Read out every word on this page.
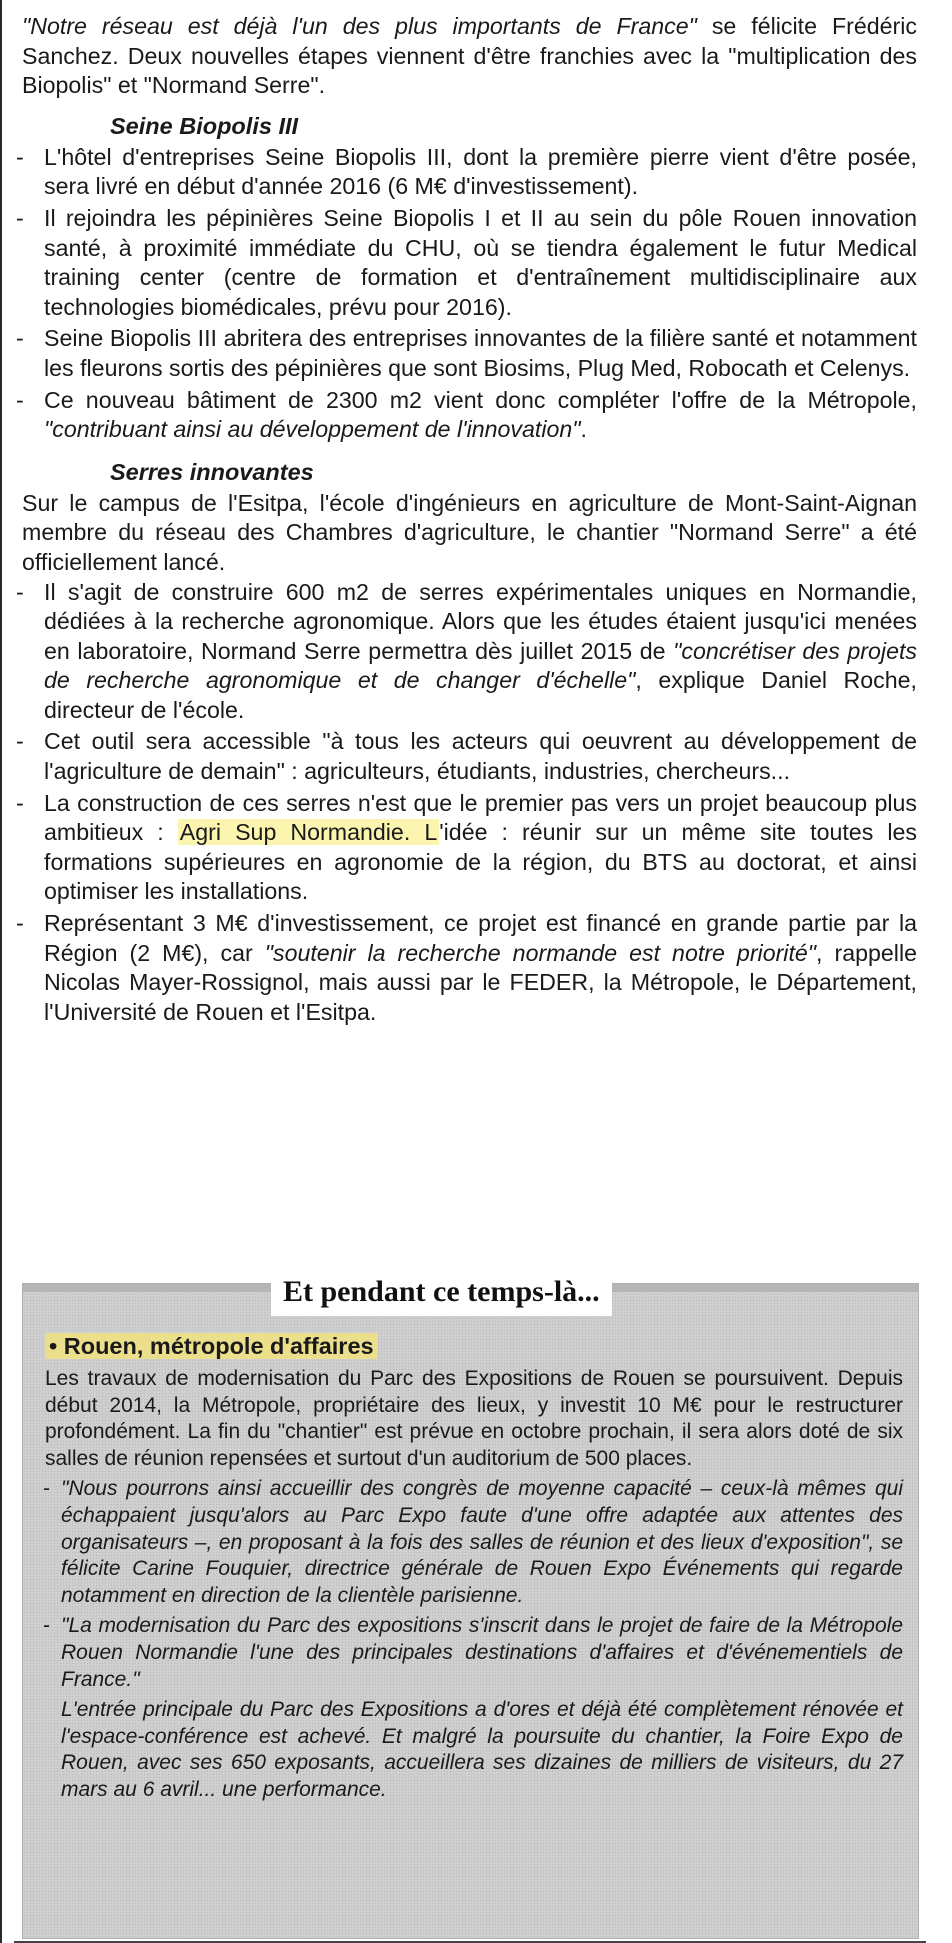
"Notre réseau est déjà l'un des plus importants de France" se félicite Frédéric Sanchez. Deux nouvelles étapes viennent d'être franchies avec la "multiplication des Biopolis" et "Normand Serre".

Seine Biopolis III

- L'hôtel d'entreprises Seine Biopolis III, dont la première pierre vient d'être posée, sera livré en début d'année 2016 (6 M€ d'investissement).

- Il rejoindra les pépinières Seine Biopolis I et II au sein du pôle Rouen innovation santé, à proximité immédiate du CHU, où se tiendra également le futur Medical training center (centre de formation et d'entraînement multidisciplinaire aux technologies biomédicales, prévu pour 2016).

- Seine Biopolis III abritera des entreprises innovantes de la filière santé et notamment les fleurons sortis des pépinières que sont Biosims, Plug Med, Robocath et Celenys.

- Ce nouveau bâtiment de 2300 m2 vient donc compléter l'offre de la Métropole, "contribuant ainsi au développement de l'innovation".

Serres innovantes

Sur le campus de l'Esitpa, l'école d'ingénieurs en agriculture de Mont-Saint-Aignan membre du réseau des Chambres d'agriculture, le chantier "Normand Serre" a été officiellement lancé.

- Il s'agit de construire 600 m2 de serres expérimentales uniques en Normandie, dédiées à la recherche agronomique. Alors que les études étaient jusqu'ici menées en laboratoire, Normand Serre permettra dès juillet 2015 de "concrétiser des projets de recherche agronomique et de changer d'échelle", explique Daniel Roche, directeur de l'école.

- Cet outil sera accessible "à tous les acteurs qui oeuvrent au développement de l'agriculture de demain" : agriculteurs, étudiants, industries, chercheurs...

- La construction de ces serres n'est que le premier pas vers un projet beaucoup plus ambitieux : Agri Sup Normandie. L'idée : réunir sur un même site toutes les formations supérieures en agronomie de la région, du BTS au doctorat, et ainsi optimiser les installations.

- Représentant 3 M€ d'investissement, ce projet est financé en grande partie par la Région (2 M€), car "soutenir la recherche normande est notre priorité", rappelle Nicolas Mayer-Rossignol, mais aussi par le FEDER, la Métropole, le Département, l'Université de Rouen et l'Esitpa.

Et pendant ce temps-là...
• Rouen, métropole d'affaires

Les travaux de modernisation du Parc des Expositions de Rouen se poursuivent. Depuis début 2014, la Métropole, propriétaire des lieux, y investit 10 M€ pour le restructurer profondément. La fin du "chantier" est prévue en octobre prochain, il sera alors doté de six salles de réunion repensées et surtout d'un auditorium de 500 places.

- "Nous pourrons ainsi accueillir des congrès de moyenne capacité – ceux-là mêmes qui échappaient jusqu'alors au Parc Expo faute d'une offre adaptée aux attentes des organisateurs –, en proposant à la fois des salles de réunion et des lieux d'exposition", se félicite Carine Fouquier, directrice générale de Rouen Expo Événements qui regarde notamment en direction de la clientèle parisienne.

- "La modernisation du Parc des expositions s'inscrit dans le projet de faire de la Métropole Rouen Normandie l'une des principales destinations d'affaires et d'événementiels de France."

L'entrée principale du Parc des Expositions a d'ores et déjà été complètement rénovée et l'espace-conférence est achevé. Et malgré la poursuite du chantier, la Foire Expo de Rouen, avec ses 650 exposants, accueillera ses dizaines de milliers de visiteurs, du 27 mars au 6 avril... une performance.
